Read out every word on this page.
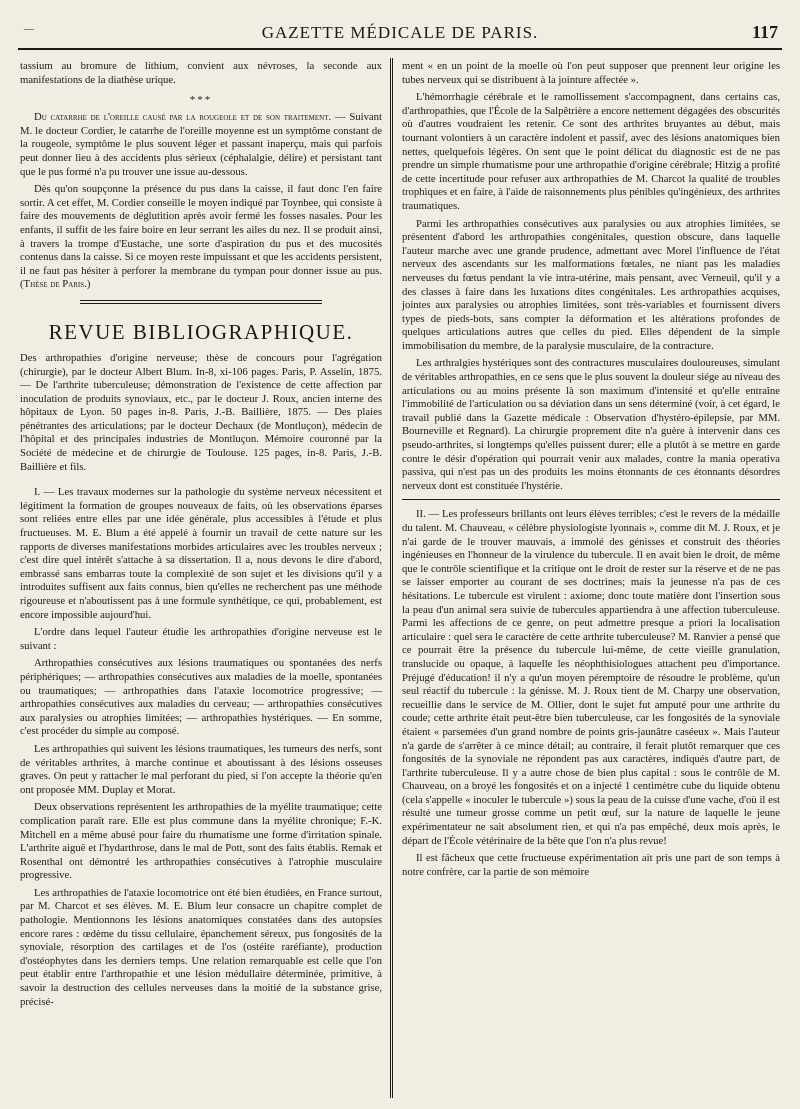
—	GAZETTE MÉDICALE DE PARIS.	117

tassium au bromure de lithium, convient aux névroses, la seconde aux manifestations de la diathèse urique.

***

Du catarrhe de l'oreille causé par la rougeole et de son traitement. — Suivant M. le docteur Cordier, le catarrhe de l'oreille moyenne est un symptôme constant de la rougeole, symptôme le plus souvent léger et passant inaperçu, mais qui parfois peut donner lieu à des accidents plus sérieux (céphalalgie, délire) et persistant tant que le pus formé n'a pu trouver une issue au-dessous.

Dès qu'on soupçonne la présence du pus dans la caisse, il faut donc l'en faire sortir. A cet effet, M. Cordier conseille le moyen indiqué par Toynbee, qui consiste à faire des mouvements de déglutition après avoir fermé les fosses nasales. Pour les enfants, il suffit de les faire boire en leur serrant les ailes du nez. Il se produit ainsi, à travers la trompe d'Eustache, une sorte d'aspiration du pus et des mucosités contenus dans la caisse. Si ce moyen reste impuissant et que les accidents persistent, il ne faut pas hésiter à perforer la membrane du tympan pour donner issue au pus. (Thèse de Paris.)

REVUE BIBLIOGRAPHIQUE.

Des arthropathies d'origine nerveuse; thèse de concours pour l'agrégation (chirurgie), par le docteur Albert Blum. In-8, xi-106 pages. Paris, P. Asselin, 1875. — De l'arthrite tuberculeuse; démonstration de l'existence de cette affection par inoculation de produits synoviaux, etc., par le docteur J. Roux, ancien interne des hôpitaux de Lyon. 50 pages in-8. Paris, J.-B. Baillière, 1875. — Des plaies pénétrantes des articulations; par le docteur Dechaux (de Montluçon), médecin de l'hôpital et des principales industries de Montluçon. Mémoire couronné par la Société de médecine et de chirurgie de Toulouse. 125 pages, in-8. Paris, J.-B. Baillière et fils.

I. — Les travaux modernes sur la pathologie du système nerveux nécessitent et légitiment la formation de groupes nouveaux de faits, où les observations éparses sont reliées entre elles par une idée générale, plus accessibles à l'étude et plus fructueuses. M. E. Blum a été appelé à fournir un travail de cette nature sur les rapports de diverses manifestations morbides articulaires avec les troubles nerveux ; c'est dire quel intérêt s'attache à sa dissertation. Il a, nous devons le dire d'abord, embrassé sans embarras toute la complexité de son sujet et les divisions qu'il y a introduites suffisent aux faits connus, bien qu'elles ne recherchent pas une méthode rigoureuse et n'aboutissent pas à une formule synthétique, ce qui, probablement, est encore impossible aujourd'hui.

L'ordre dans lequel l'auteur étudie les arthropathies d'origine nerveuse est le suivant :

Arthropathies consécutives aux lésions traumatiques ou spontanées des nerfs périphériques; — arthropathies consécutives aux maladies de la moelle, spontanées ou traumatiques; — arthropathies dans l'ataxie locomotrice progressive; — arthropathies consécutives aux maladies du cerveau; — arthropathies consécutives aux paralysies ou atrophies limitées; — arthropathies hystériques. — En somme, c'est procéder du simple au composé.

Les arthropathies qui suivent les lésions traumatiques, les tumeurs des nerfs, sont de véritables arthrites, à marche continue et aboutissant à des lésions osseuses graves. On peut y rattacher le mal perforant du pied, si l'on accepte la théorie qu'en ont proposée MM. Duplay et Morat.

Deux observations représentent les arthropathies de la myélite traumatique; cette complication paraît rare. Elle est plus commune dans la myélite chronique; F.-K. Mitchell en a même abusé pour faire du rhumatisme une forme d'irritation spinale. L'arthrite aiguë et l'hydarthrose, dans le mal de Pott, sont des faits établis. Remak et Rosenthal ont démontré les arthropathies consécutives à l'atrophie musculaire progressive.

Les arthropathies de l'ataxie locomotrice ont été bien étudiées, en France surtout, par M. Charcot et ses élèves. M. E. Blum leur consacre un chapitre complet de pathologie. Mentionnons les lésions anatomiques constatées dans des autopsies encore rares : œdème du tissu cellulaire, épanchement séreux, pus fongosités de la synoviale, résorption des cartilages et de l'os (ostéite raréfiante), production d'ostéophytes dans les derniers temps. Une relation remarquable est celle que l'on peut établir entre l'arthropathie et une lésion médullaire déterminée, primitive, à savoir la destruction des cellules nerveuses dans la moitié de la substance grise, précisé-

ment « en un point de la moelle où l'on peut supposer que prennent leur origine les tubes nerveux qui se distribuent à la jointure affectée ».

L'hémorrhagie cérébrale et le ramollissement s'accompagnent, dans certains cas, d'arthropathies, que l'École de la Salpêtrière a encore nettement dégagées des obscurités où d'autres voudraient les retenir. Ce sont des arthrites bruyantes au début, mais tournant volontiers à un caractère indolent et passif, avec des lésions anatomiques bien nettes, quelquefois légères. On sent que le point délicat du diagnostic est de ne pas prendre un simple rhumatisme pour une arthropathie d'origine cérébrale; Hitzig a profité de cette incertitude pour refuser aux arthropathies de M. Charcot la qualité de troubles trophiques et en faire, à l'aide de raisonnements plus pénibles qu'ingénieux, des arthrites traumatiques.

Parmi les arthropathies consécutives aux paralysies ou aux atrophies limitées, se présentent d'abord les arthropathies congénitales, question obscure, dans laquelle l'auteur marche avec une grande prudence, admettant avec Morel l'influence de l'état nerveux des ascendants sur les malformations fœtales, ne niant pas les maladies nerveuses du fœtus pendant la vie intra-utérine, mais pensant, avec Verneuil, qu'il y a des classes à faire dans les luxations dites congénitales. Les arthropathies acquises, jointes aux paralysies ou atrophies limitées, sont très-variables et fournissent divers types de pieds-bots, sans compter la déformation et les altérations profondes de quelques articulations autres que celles du pied. Elles dépendent de la simple immobilisation du membre, de la paralysie musculaire, de la contracture.

Les arthralgies hystériques sont des contractures musculaires douloureuses, simulant de véritables arthropathies, en ce sens que le plus souvent la douleur siége au niveau des articulations ou au moins présente là son maximum d'intensité et qu'elle entraîne l'immobilité de l'articulation ou sa déviation dans un sens déterminé (voir, à cet égard, le travail publié dans la Gazette médicale : Observation d'hystéro-épilepsie, par MM. Bourneville et Regnard). La chirurgie proprement dite n'a guère à intervenir dans ces pseudo-arthrites, si longtemps qu'elles puissent durer; elle a plutôt à se mettre en garde contre le désir d'opération qui pourrait venir aux malades, contre la mania operativa passiva, qui n'est pas un des produits les moins étonnants de ces étonnants désordres nerveux dont est constituée l'hystérie.

II. — Les professeurs brillants ont leurs élèves terribles; c'est le revers de la médaille du talent. M. Chauveau, « célèbre physiologiste lyonnais », comme dit M. J. Roux, et je n'ai garde de le trouver mauvais, a immolé des génisses et construit des théories ingénieuses en l'honneur de la virulence du tubercule. Il en avait bien le droit, de même que le contrôle scientifique et la critique ont le droit de rester sur la réserve et de ne pas se laisser emporter au courant de ses doctrines; mais la jeunesse n'a pas de ces hésitations. Le tubercule est virulent : axiome; donc toute matière dont l'insertion sous la peau d'un animal sera suivie de tubercules appartiendra à une affection tuberculeuse. Parmi les affections de ce genre, on peut admettre presque a priori la localisation articulaire : quel sera le caractère de cette arthrite tuberculeuse? M. Ranvier a pensé que ce pourrait être la présence du tubercule lui-même, de cette vieille granulation, translucide ou opaque, à laquelle les néophthisiologues attachent peu d'importance. Préjugé d'éducation! il n'y a qu'un moyen péremptoire de résoudre le problème, qu'un seul réactif du tubercule : la génisse. M. J. Roux tient de M. Charpy une observation, recueillie dans le service de M. Ollier, dont le sujet fut amputé pour une arthrite du coude; cette arthrite était peut-être bien tuberculeuse, car les fongosités de la synoviale étaient « parsemées d'un grand nombre de points gris-jaunâtre caséeux ». Mais l'auteur n'a garde de s'arrêter à ce mince détail; au contraire, il ferait plutôt remarquer que ces fongosités de la synoviale ne répondent pas aux caractères, indiqués d'autre part, de l'arthrite tuberculeuse. Il y a autre chose de bien plus capital : sous le contrôle de M. Chauveau, on a broyé les fongosités et on a injecté 1 centimètre cube du liquide obtenu (cela s'appelle « inoculer le tubercule ») sous la peau de la cuisse d'une vache, d'où il est résulté une tumeur grosse comme un petit œuf, sur la nature de laquelle le jeune expérimentateur ne sait absolument rien, et qui n'a pas empêché, deux mois après, le départ de l'École vétérinaire de la bête que l'on n'a plus revue!

Il est fâcheux que cette fructueuse expérimentation ait pris une part de son temps à notre confrère, car la partie de son mémoire
